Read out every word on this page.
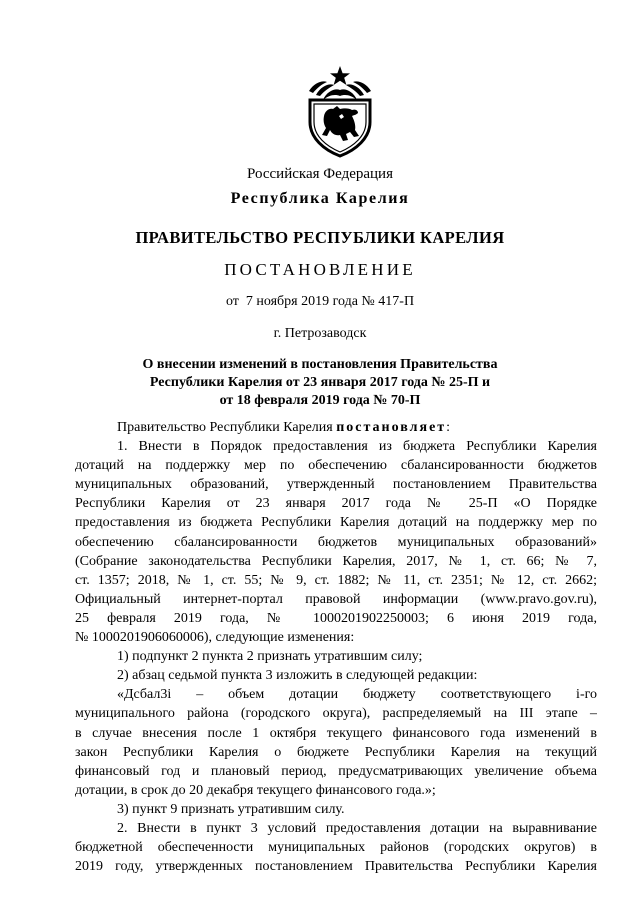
Российская Федерация
Республика Карелия
ПРАВИТЕЛЬСТВО РЕСПУБЛИКИ КАРЕЛИЯ
ПОСТАНОВЛЕНИЕ
от  7 ноября 2019 года № 417-П
г. Петрозаводск
О внесении изменений в постановления Правительства
Республики Карелия от 23 января 2017 года № 25-П и
от 18 февраля 2019 года № 70-П
Правительство Республики Карелия постановляет:
1. Внести в Порядок предоставления из бюджета Республики Карелия
дотаций на поддержку мер по обеспечению сбалансированности бюджетов
муниципальных образований, утвержденный постановлением Правительства
Республики Карелия от 23 января 2017 года № 25-П «О Порядке
предоставления из бюджета Республики Карелия дотаций на поддержку мер по
обеспечению сбалансированности бюджетов муниципальных образований»
(Собрание законодательства Республики Карелия, 2017, № 1, ст. 66; № 7,
ст. 1357; 2018, № 1, ст. 55; № 9, ст. 1882; № 11, ст. 2351; № 12, ст. 2662;
Официальный интернет-портал правовой информации (www.pravo.gov.ru),
25 февраля 2019 года, № 1000201902250003; 6 июня 2019 года,
№ 1000201906060006), следующие изменения:
1) подпункт 2 пункта 2 признать утратившим силу;
2) абзац седьмой пункта 3 изложить в следующей редакции:
«Дсбал3i – объем дотации бюджету соответствующего i-го
муниципального района (городского округа), распределяемый на III этапе –
в случае внесения после 1 октября текущего финансового года изменений в
закон Республики Карелия о бюджете Республики Карелия на текущий
финансовый год и плановый период, предусматривающих увеличение объема
дотации, в срок до 20 декабря текущего финансового года.»;
3) пункт 9 признать утратившим силу.
2. Внести в пункт 3 условий предоставления дотации на выравнивание
бюджетной обеспеченности муниципальных районов (городских округов) в
2019 году, утвержденных постановлением Правительства Республики Карелия
